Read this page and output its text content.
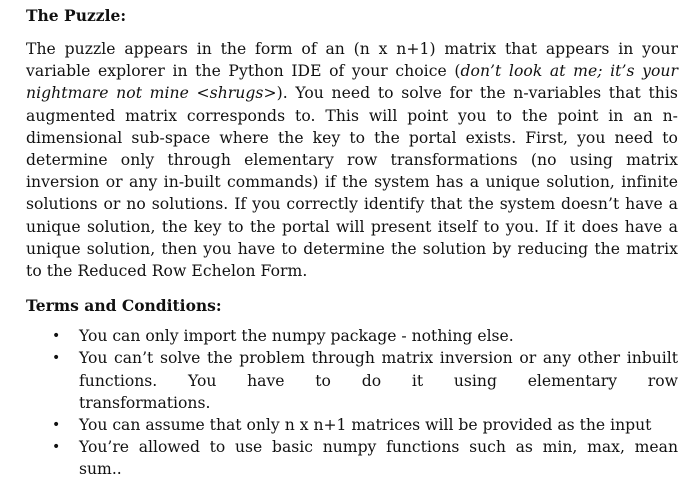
The Puzzle:

The puzzle appears in the form of an (n x n+1) matrix that appears in your variable explorer in the Python IDE of your choice (don’t look at me; it’s your nightmare not mine <shrugs>). You need to solve for the n-variables that this augmented matrix corresponds to. This will point you to the point in an n-dimensional sub-space where the key to the portal exists. First, you need to determine only through elementary row transformations (no using matrix inversion or any in-built commands) if the system has a unique solution, infinite solutions or no solutions. If you correctly identify that the system doesn’t have a unique solution, the key to the portal will present itself to you. If it does have a unique solution, then you have to determine the solution by reducing the matrix to the Reduced Row Echelon Form.

Terms and Conditions:
• You can only import the numpy package - nothing else.
• You can’t solve the problem through matrix inversion or any other inbuilt functions. You have to do it using elementary row
transformations.
• You can assume that only n x n+1 matrices will be provided as the input
• You’re allowed to use basic numpy functions such as min, max, mean
sum..
